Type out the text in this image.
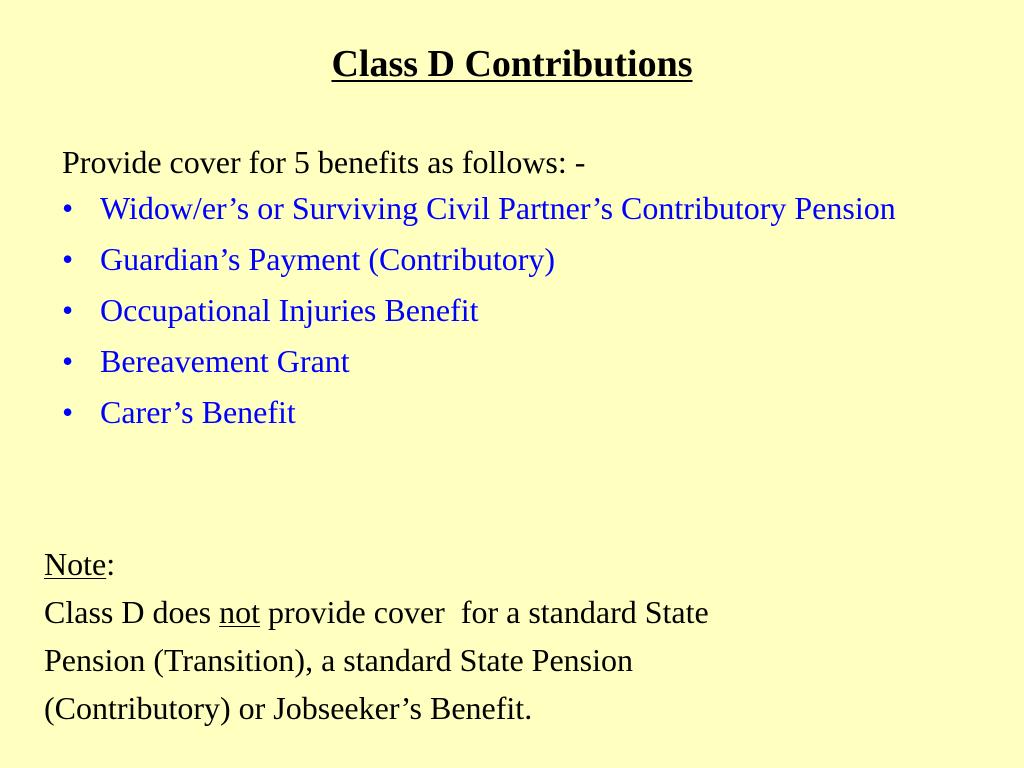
Class D Contributions
Provide cover for 5 benefits as follows: -
• Widow/er’s or Surviving Civil Partner’s Contributory Pension
• Guardian’s Payment (Contributory)
• Occupational Injuries Benefit
• Bereavement Grant
• Carer’s Benefit
Note:
Class D does not provide cover  for a standard State
Pension (Transition), a standard State Pension
(Contributory) or Jobseeker’s Benefit.
